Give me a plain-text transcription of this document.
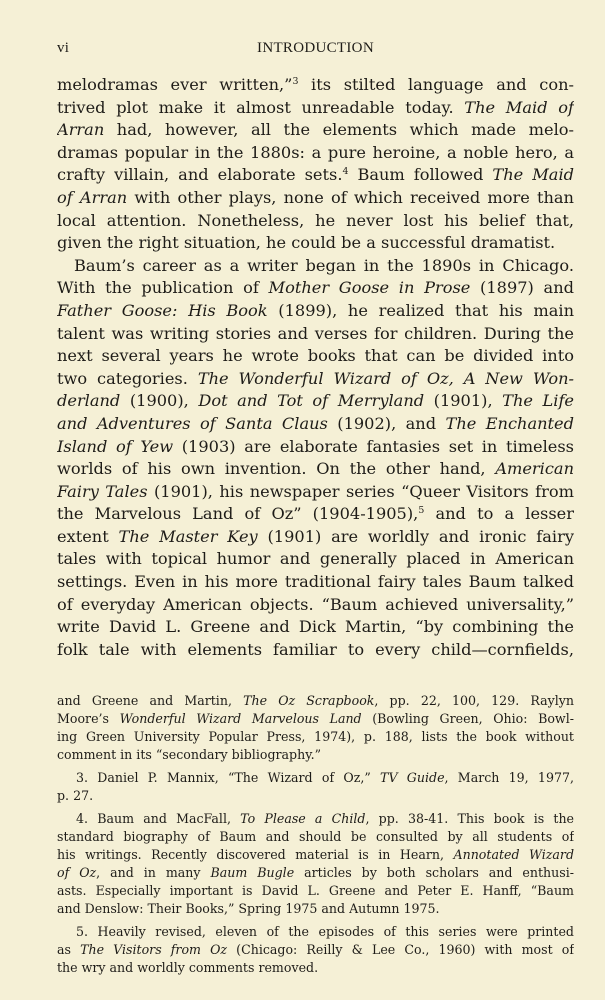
vi	INTRODUCTION
melodramas ever written,”$^3$ its stilted language and con-
trived plot make it almost unreadable today. The Maid of
Arran had, however, all the elements which made melo-
dramas popular in the 1880s: a pure heroine, a noble hero, a
crafty villain, and elaborate sets.$^4$ Baum followed The Maid
of Arran with other plays, none of which received more than
local attention. Nonetheless, he never lost his belief that,
given the right situation, he could be a successful dramatist.
Baum’s career as a writer began in the 1890s in Chicago.
With the publication of Mother Goose in Prose (1897) and
Father Goose: His Book (1899), he realized that his main
talent was writing stories and verses for children. During the
next several years he wrote books that can be divided into
two categories. The Wonderful Wizard of Oz, A New Won-
derland (1900), Dot and Tot of Merryland (1901), The Life
and Adventures of Santa Claus (1902), and The Enchanted
Island of Yew (1903) are elaborate fantasies set in timeless
worlds of his own invention. On the other hand, American
Fairy Tales (1901), his newspaper series “Queer Visitors from
the Marvelous Land of Oz” (1904-1905),$^5$ and to a lesser
extent The Master Key (1901) are worldly and ironic fairy
tales with topical humor and generally placed in American
settings. Even in his more traditional fairy tales Baum talked
of everyday American objects. “Baum achieved universality,”
write David L. Greene and Dick Martin, “by combining the
folk tale with elements familiar to every child—cornfields,
and Greene and Martin, The Oz Scrapbook, pp. 22, 100, 129. Raylyn
Moore’s Wonderful Wizard Marvelous Land (Bowling Green, Ohio: Bowl-
ing Green University Popular Press, 1974), p. 188, lists the book without
comment in its “secondary bibliography.”
3. Daniel P. Mannix, “The Wizard of Oz,” TV Guide, March 19, 1977,
p. 27.
4. Baum and MacFall, To Please a Child, pp. 38-41. This book is the
standard biography of Baum and should be consulted by all students of
his writings. Recently discovered material is in Hearn, Annotated Wizard
of Oz, and in many Baum Bugle articles by both scholars and enthusi-
asts. Especially important is David L. Greene and Peter E. Hanff, “Baum
and Denslow: Their Books,” Spring 1975 and Autumn 1975.
5. Heavily revised, eleven of the episodes of this series were printed
as The Visitors from Oz (Chicago: Reilly & Lee Co., 1960) with most of
the wry and worldly comments removed.
